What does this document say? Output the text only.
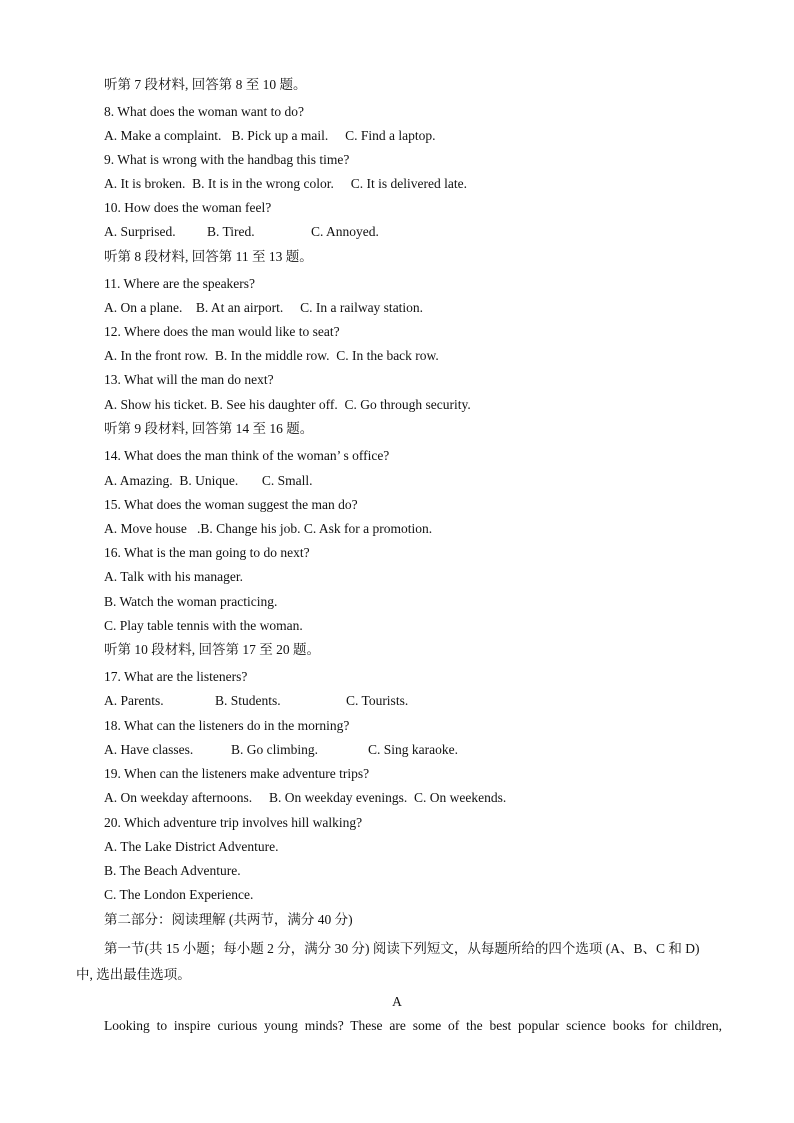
听第 7 段材料, 回答第 8 至 10 题。
8. What does the woman want to do?
A. Make a complaint.   B. Pick up a mail.     C. Find a laptop.
9. What is wrong with the handbag this time?
A. It is broken.  B. It is in the wrong color.     C. It is delivered late.
10. How does the woman feel?
A. Surprised. B. Tired.	C. Annoyed.
听第 8 段材料, 回答第 11 至 13 题。
11. Where are the speakers?
A. On a plane.    B. At an airport.     C. In a railway station.
12. Where does the man would like to seat?
A. In the front row.  B. In the middle row.  C. In the back row.
13. What will the man do next?
A. Show his ticket. B. See his daughter off.  C. Go through security.
听第 9 段材料, 回答第 14 至 16 题。
14. What does the man think of the woman’ s office?
A. Amazing.  B. Unique.       C. Small.
15. What does the woman suggest the man do?
A. Move house   .B. Change his job. C. Ask for a promotion.
16. What is the man going to do next?
A. Talk with his manager.
B. Watch the woman practicing.
C. Play table tennis with the woman.
听第 10 段材料, 回答第 17 至 20 题。
17. What are the listeners?
A. Parents.	B. Students.	C. Tourists.
18. What can the listeners do in the morning?
A. Have classes.	B. Go climbing.	C. Sing karaoke.
19. When can the listeners make adventure trips?
A. On weekday afternoons.     B. On weekday evenings.  C. On weekends.
20. Which adventure trip involves hill walking?
A. The Lake District Adventure.
B. The Beach Adventure.
C. The London Experience.
第二部分：阅读理解 (共两节，满分 40 分)
第一节(共 15 小题；每小题 2 分，满分 30 分) 阅读下列短文，从每题所给的四个选项 (A、B、C 和 D)
中, 选出最佳选项。
A
Looking to inspire curious young minds? These are some of the best popular science books for children,
